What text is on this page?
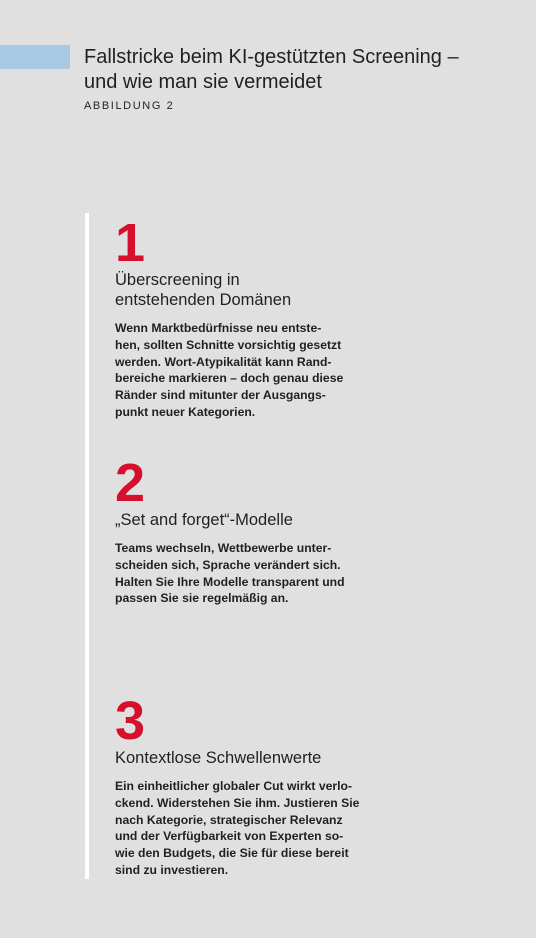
Fallstricke beim KI-gestützten Screening –
und wie man sie vermeidet
ABBILDUNG 2
1
Überscreening in
entstehenden Domänen

Wenn Marktbedürfnisse neu entste-
hen, sollten Schnitte vorsichtig gesetzt
werden. Wort-Atypikalität kann Rand-
bereiche markieren – doch genau diese
Ränder sind mitunter der Ausgangs-
punkt neuer Kategorien.

2
„Set and forget“-Modelle

Teams wechseln, Wettbewerbe unter-
scheiden sich, Sprache verändert sich.
Halten Sie Ihre Modelle transparent und
passen Sie sie regelmäßig an.

3
Kontextlose Schwellenwerte

Ein einheitlicher globaler Cut wirkt verlo-
ckend. Widerstehen Sie ihm. Justieren Sie
nach Kategorie, strategischer Relevanz
und der Verfügbarkeit von Experten so-
wie den Budgets, die Sie für diese bereit
sind zu investieren.
